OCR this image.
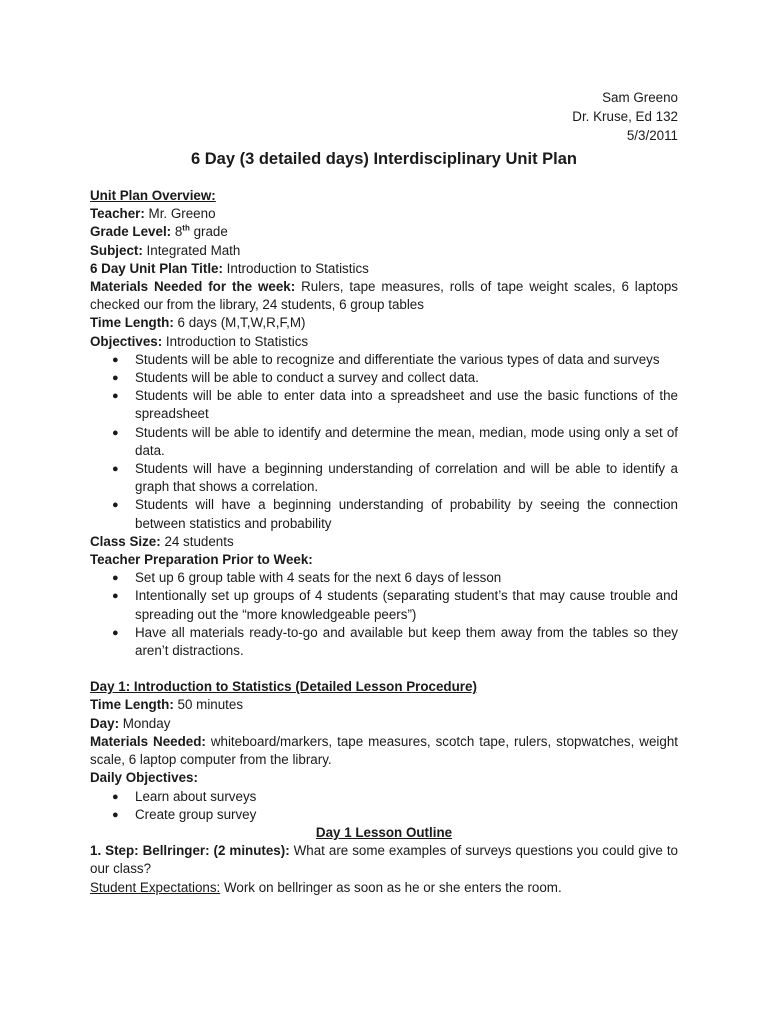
Sam Greeno
Dr. Kruse, Ed 132
5/3/2011
6 Day (3 detailed days) Interdisciplinary Unit Plan
Unit Plan Overview:
Teacher: Mr. Greeno
Grade Level: 8th grade
Subject: Integrated Math
6 Day Unit Plan Title: Introduction to Statistics
Materials Needed for the week: Rulers, tape measures, rolls of tape weight scales, 6 laptops checked our from the library, 24 students, 6 group tables
Time Length: 6 days (M,T,W,R,F,M)
Objectives: Introduction to Statistics
● Students will be able to recognize and differentiate the various types of data and surveys
● Students will be able to conduct a survey and collect data.
● Students will be able to enter data into a spreadsheet and use the basic functions of the spreadsheet
● Students will be able to identify and determine the mean, median, mode using only a set of data.
● Students will have a beginning understanding of correlation and will be able to identify a graph that shows a correlation.
● Students will have a beginning understanding of probability by seeing the connection between statistics and probability
Class Size: 24 students
Teacher Preparation Prior to Week:
● Set up 6 group table with 4 seats for the next 6 days of lesson
● Intentionally set up groups of 4 students (separating student’s that may cause trouble and spreading out the “more knowledgeable peers”)
● Have all materials ready-to-go and available but keep them away from the tables so they aren’t distractions.
Day 1: Introduction to Statistics (Detailed Lesson Procedure)
Time Length: 50 minutes
Day: Monday
Materials Needed: whiteboard/markers, tape measures, scotch tape, rulers, stopwatches, weight scale, 6 laptop computer from the library.
Daily Objectives:
● Learn about surveys
● Create group survey
Day 1 Lesson Outline
1. Step: Bellringer: (2 minutes): What are some examples of surveys questions you could give to our class?
Student Expectations: Work on bellringer as soon as he or she enters the room.
